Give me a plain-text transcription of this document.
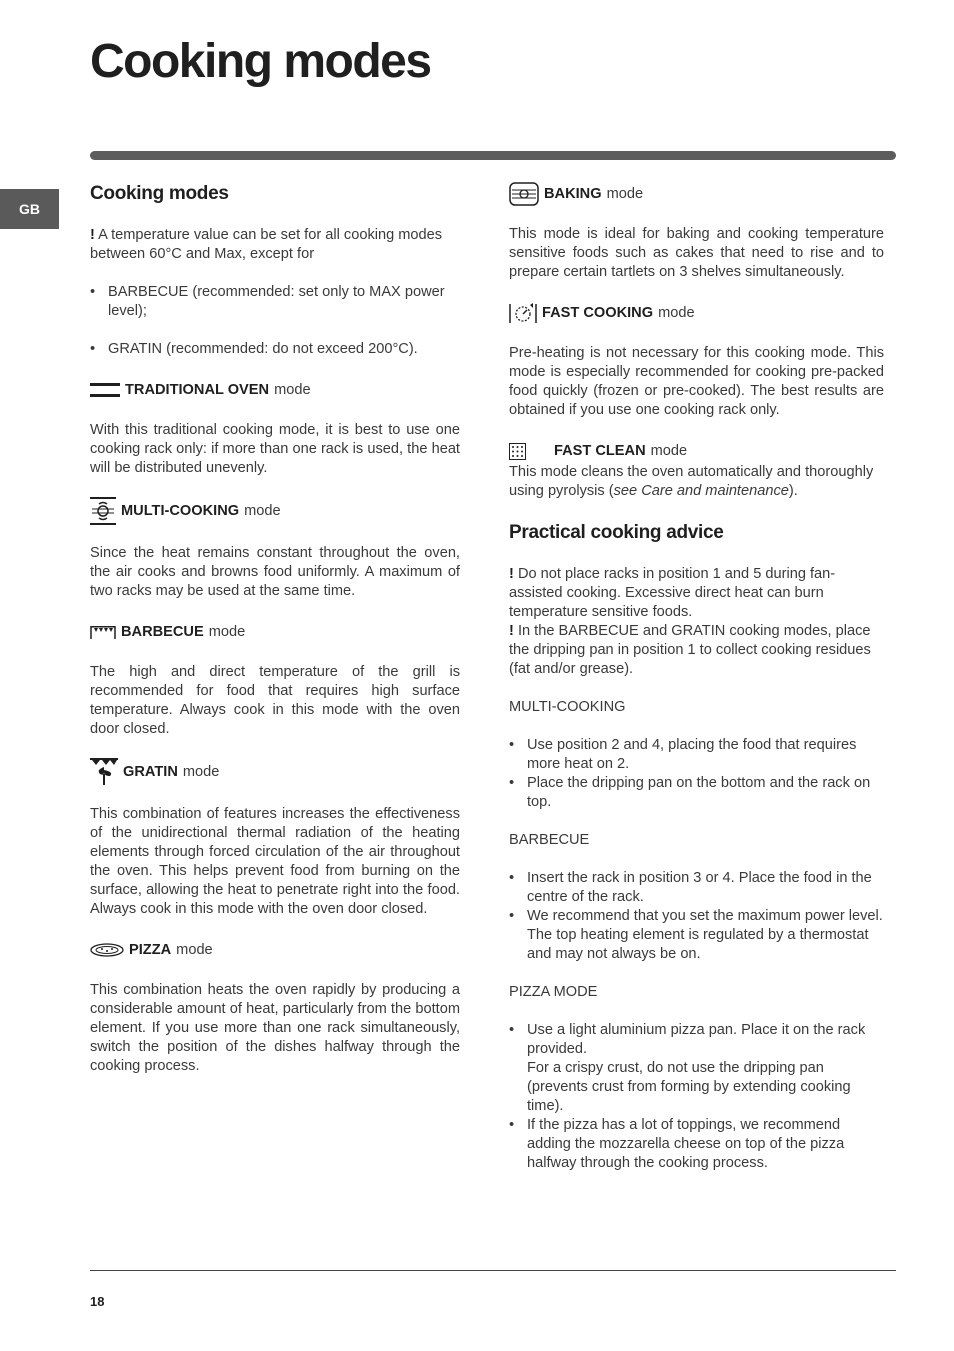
Cooking modes
GB
Cooking modes

! A temperature value can be set for all cooking modes between 60°C and Max, except for

• BARBECUE (recommended: set only to MAX power level);
• GRATIN (recommended: do not exceed 200°C).
TRADITIONAL OVEN mode

With this traditional cooking mode, it is best to use one cooking rack only: if more than one rack is used, the heat will be distributed unevenly.

MULTI-COOKING mode

Since the heat remains constant throughout the oven, the air cooks and browns food uniformly. A maximum of two racks may be used at the same time.

BARBECUE mode

The high and direct temperature of the grill is recommended for food that requires high surface temperature. Always cook in this mode with the oven door closed.

GRATIN mode

This combination of features increases the effectiveness of the unidirectional thermal radiation of the heating elements through forced circulation of the air throughout the oven. This helps prevent food from burning on the surface, allowing the heat to penetrate right into the food. Always cook in this mode with the oven door closed.

PIZZA mode

This combination heats the oven rapidly by producing a considerable amount of heat, particularly from the bottom element. If you use more than one rack simultaneously, switch the position of the dishes halfway through the cooking process.

BAKING mode

This mode is ideal for baking and cooking temperature sensitive foods such as cakes that need to rise and to prepare certain tartlets on 3 shelves simultaneously.

FAST COOKING mode

Pre-heating is not necessary for this cooking mode. This mode is especially recommended for cooking pre-packed food quickly (frozen or pre-cooked). The best results are obtained if you use one cooking rack only.

FAST CLEAN mode

This mode cleans the oven automatically and thoroughly using pyrolysis (see Care and maintenance).

Practical cooking advice

! Do not place racks in position 1 and 5 during fan-assisted cooking. Excessive direct heat can burn temperature sensitive foods.
! In the BARBECUE and GRATIN cooking modes, place the dripping pan in position 1 to collect cooking residues (fat and/or grease).

MULTI-COOKING

• Use position 2 and 4, placing the food that requires more heat on 2.
• Place the dripping pan on the bottom and the rack on top.

BARBECUE

• Insert the rack in position 3 or 4. Place the food in the centre of the rack.
• We recommend that you set the maximum power level. The top heating element is regulated by a thermostat and may not always be on.

PIZZA MODE

• Use a light aluminium pizza pan. Place it on the rack provided.
For a crispy crust, do not use the dripping pan (prevents crust from forming by extending cooking time).
• If the pizza has a lot of toppings, we recommend adding the mozzarella cheese on top of the pizza halfway through the cooking process.
18
